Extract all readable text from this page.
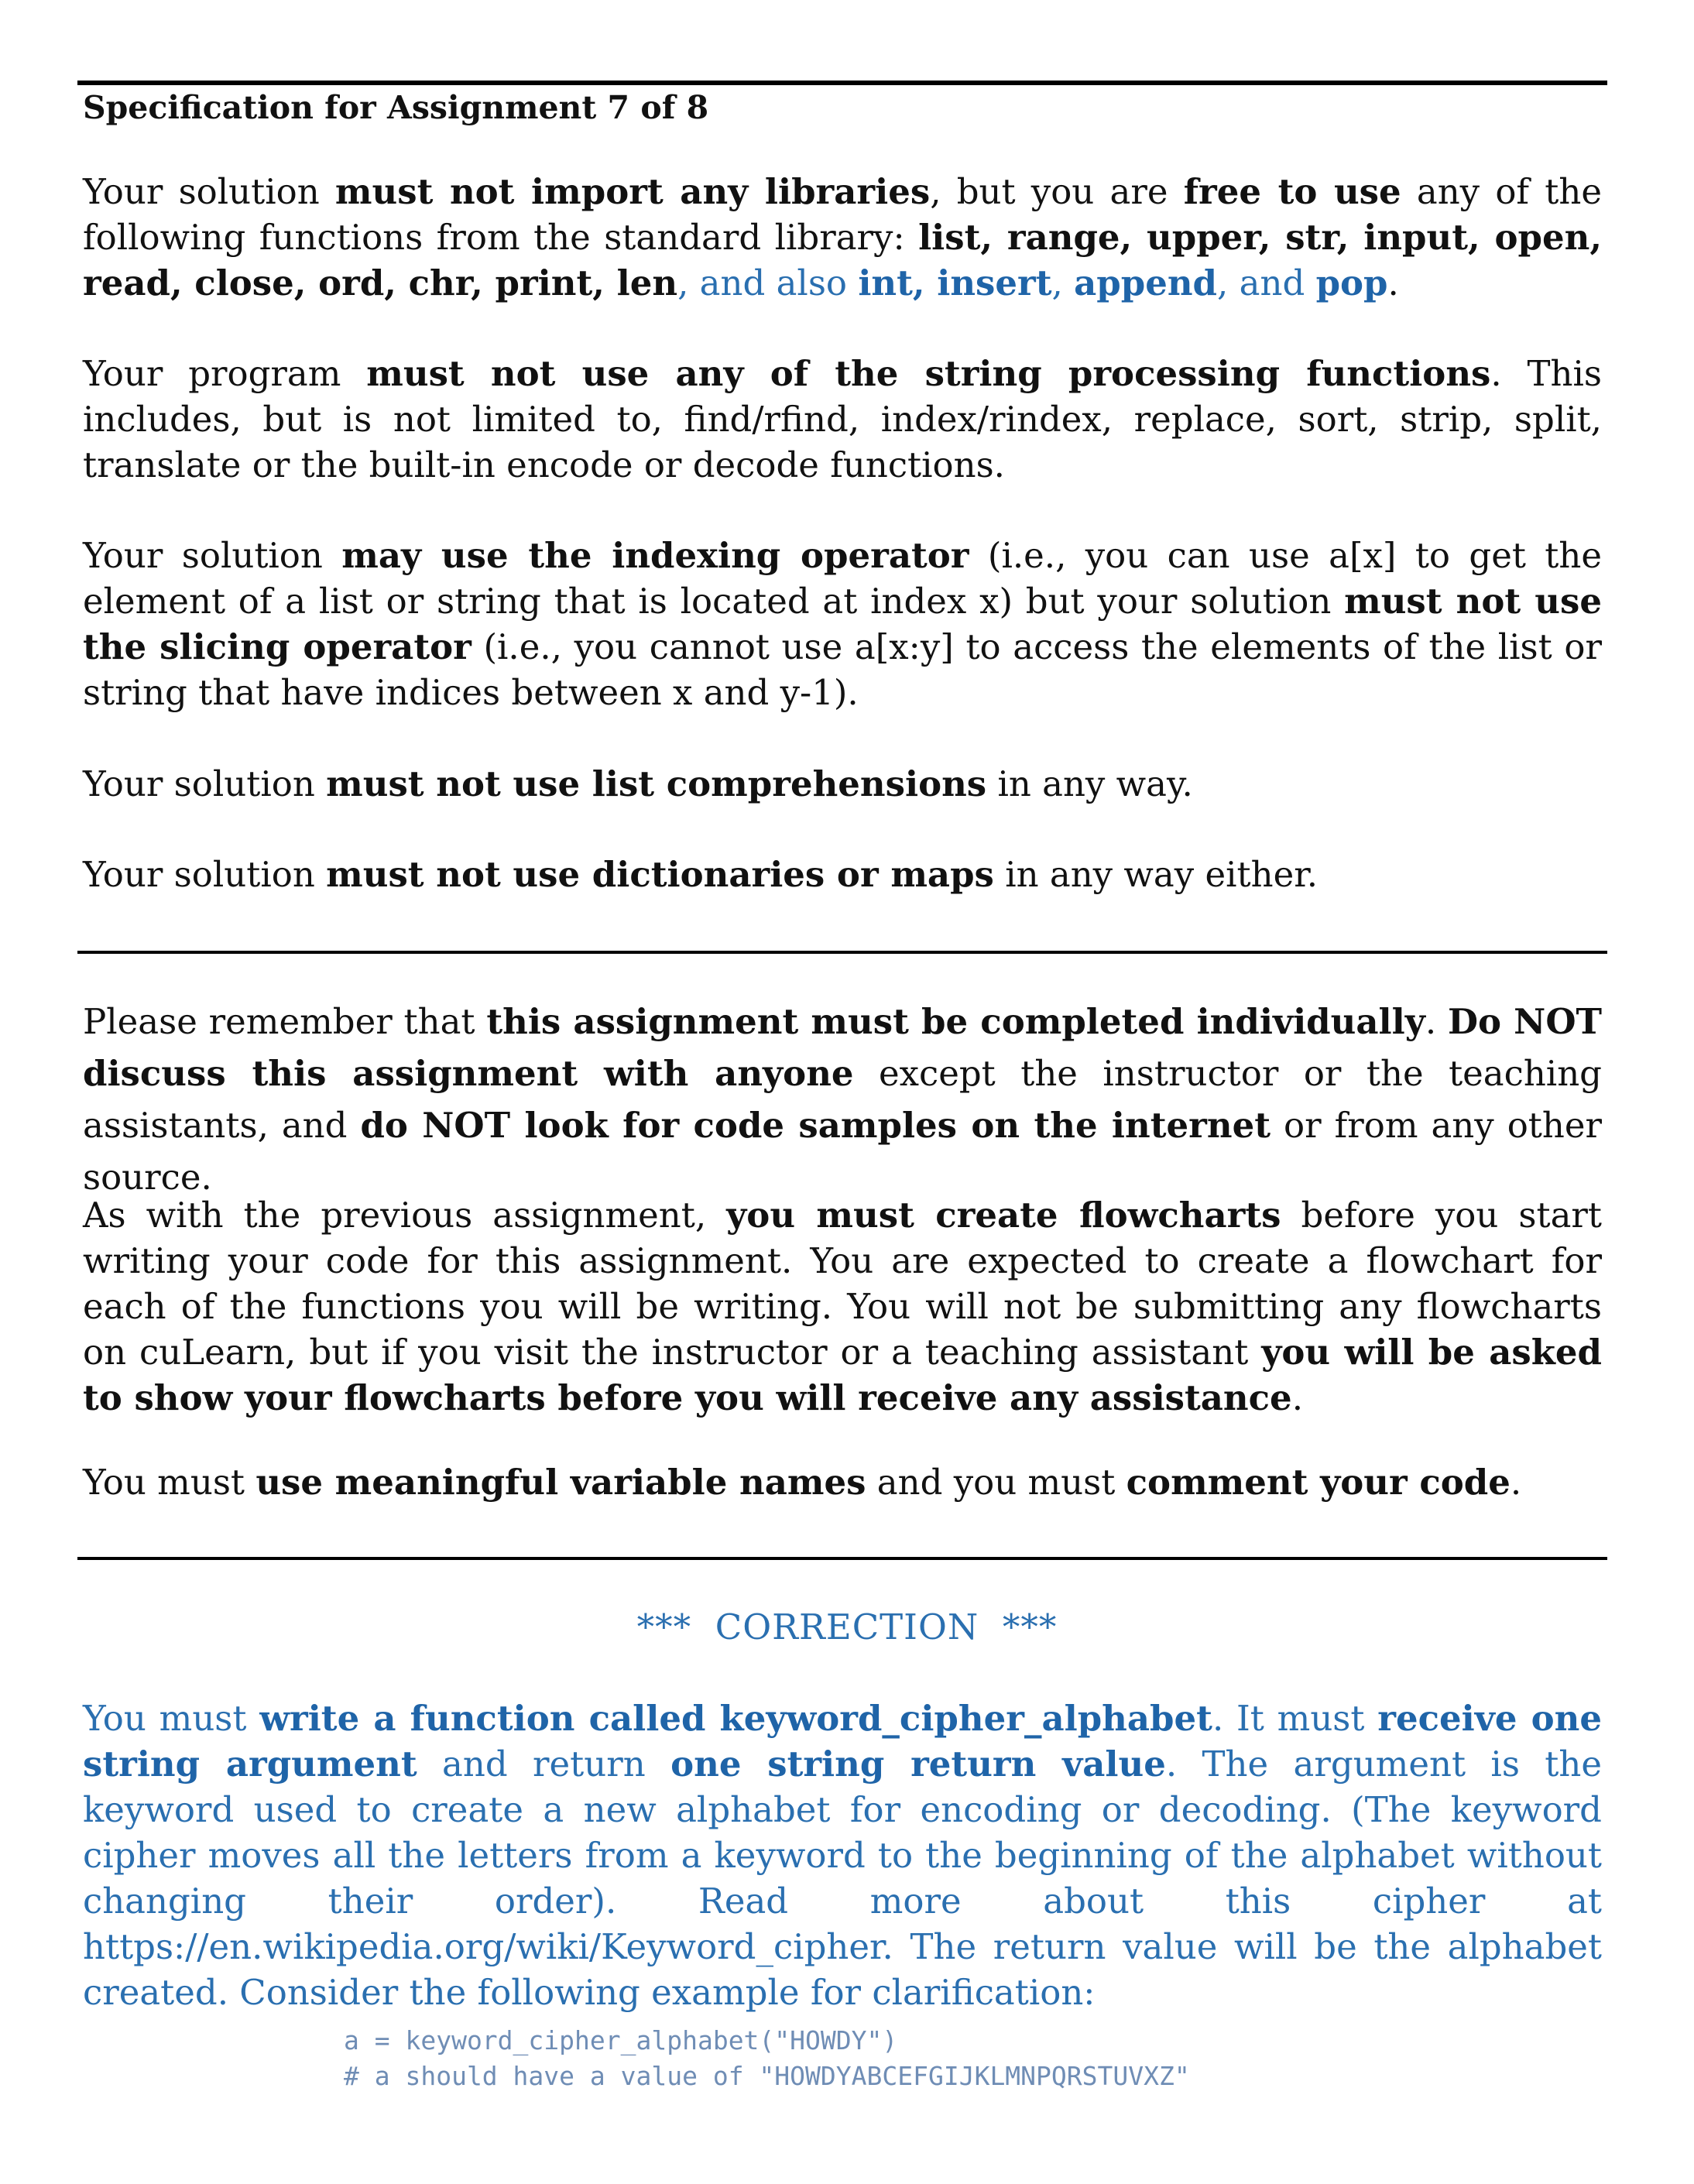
Specification for Assignment 7 of 8

Your solution must not import any libraries, but you are free to use any of the following functions from the standard library: list, range, upper, str, input, open, read, close, ord, chr, print, len, and also int, insert, append, and pop.

Your program must not use any of the string processing functions. This includes, but is not limited to, find/rfind, index/rindex, replace, sort, strip, split, translate or the built-in encode or decode functions.

Your solution may use the indexing operator (i.e., you can use a[x] to get the element of a list or string that is located at index x) but your solution must not use the slicing operator (i.e., you cannot use a[x:y] to access the elements of the list or string that have indices between x and y-1).

Your solution must not use list comprehensions in any way.

Your solution must not use dictionaries or maps in any way either.

Please remember that this assignment must be completed individually. Do NOT discuss this assignment with anyone except the instructor or the teaching assistants, and do NOT look for code samples on the internet or from any other source.

As with the previous assignment, you must create flowcharts before you start writing your code for this assignment. You are expected to create a flowchart for each of the functions you will be writing. You will not be submitting any flowcharts on cuLearn, but if you visit the instructor or a teaching assistant you will be asked to show your flowcharts before you will receive any assistance.

You must use meaningful variable names and you must comment your code.

***  CORRECTION  ***

You must write a function called keyword_cipher_alphabet. It must receive one string argument and return one string return value. The argument is the keyword used to create a new alphabet for encoding or decoding. (The keyword cipher moves all the letters from a keyword to the beginning of the alphabet without changing their order). Read more about this cipher at https://en.wikipedia.org/wiki/Keyword_cipher. The return value will be the alphabet created. Consider the following example for clarification:

a = keyword_cipher_alphabet("HOWDY")
# a should have a value of "HOWDYABCEFGIJKLMNPQRSTUVXZ"
